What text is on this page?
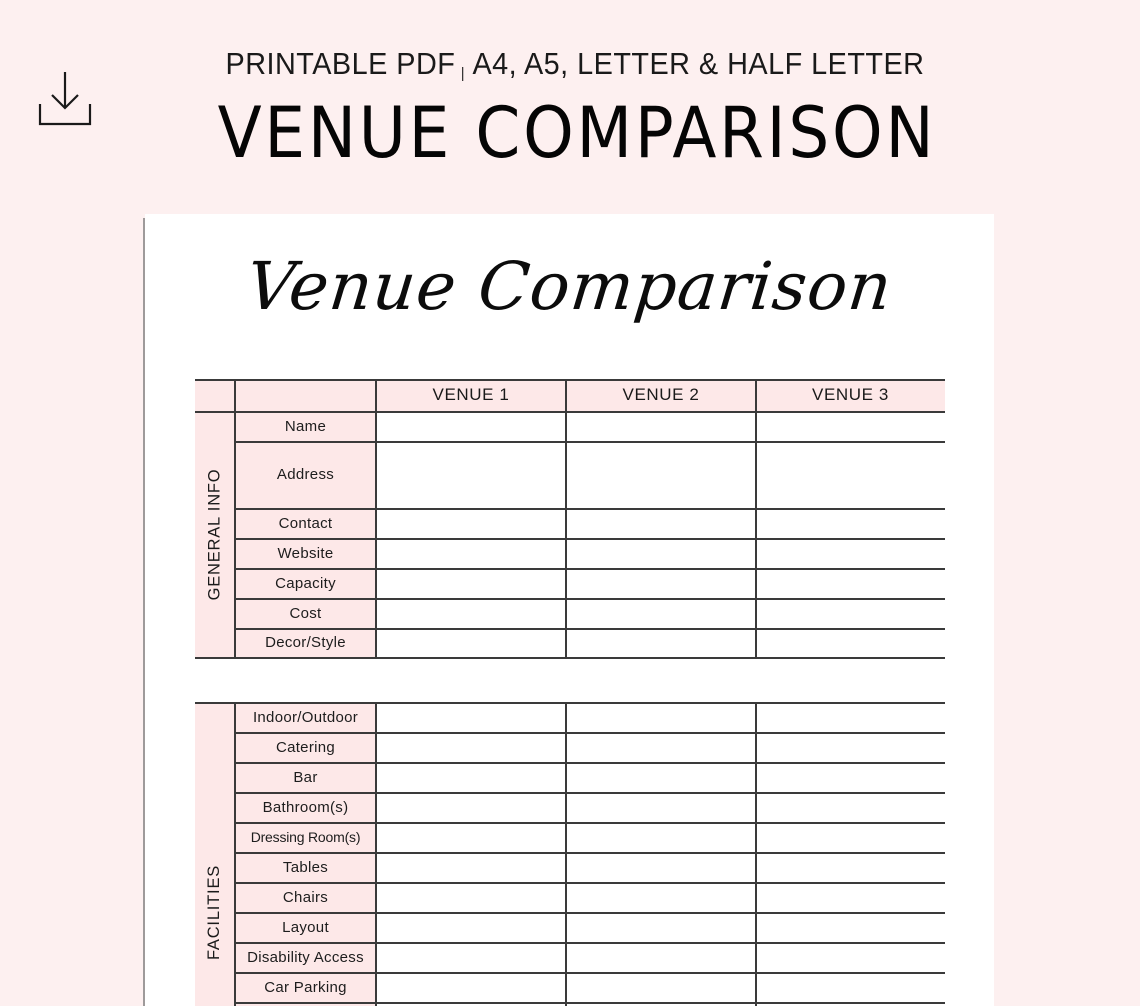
PRINTABLE PDF | A4, A5, LETTER & HALF LETTER
VENUE COMPARISON
Venue Comparison
VENUE 1	VENUE 2	VENUE 3
GENERAL INFO
Name
Address
Contact
Website
Capacity
Cost
Decor/Style
FACILITIES
Indoor/Outdoor
Catering
Bar
Bathroom(s)
Dressing Room(s)
Tables
Chairs
Layout
Disability Access
Car Parking
